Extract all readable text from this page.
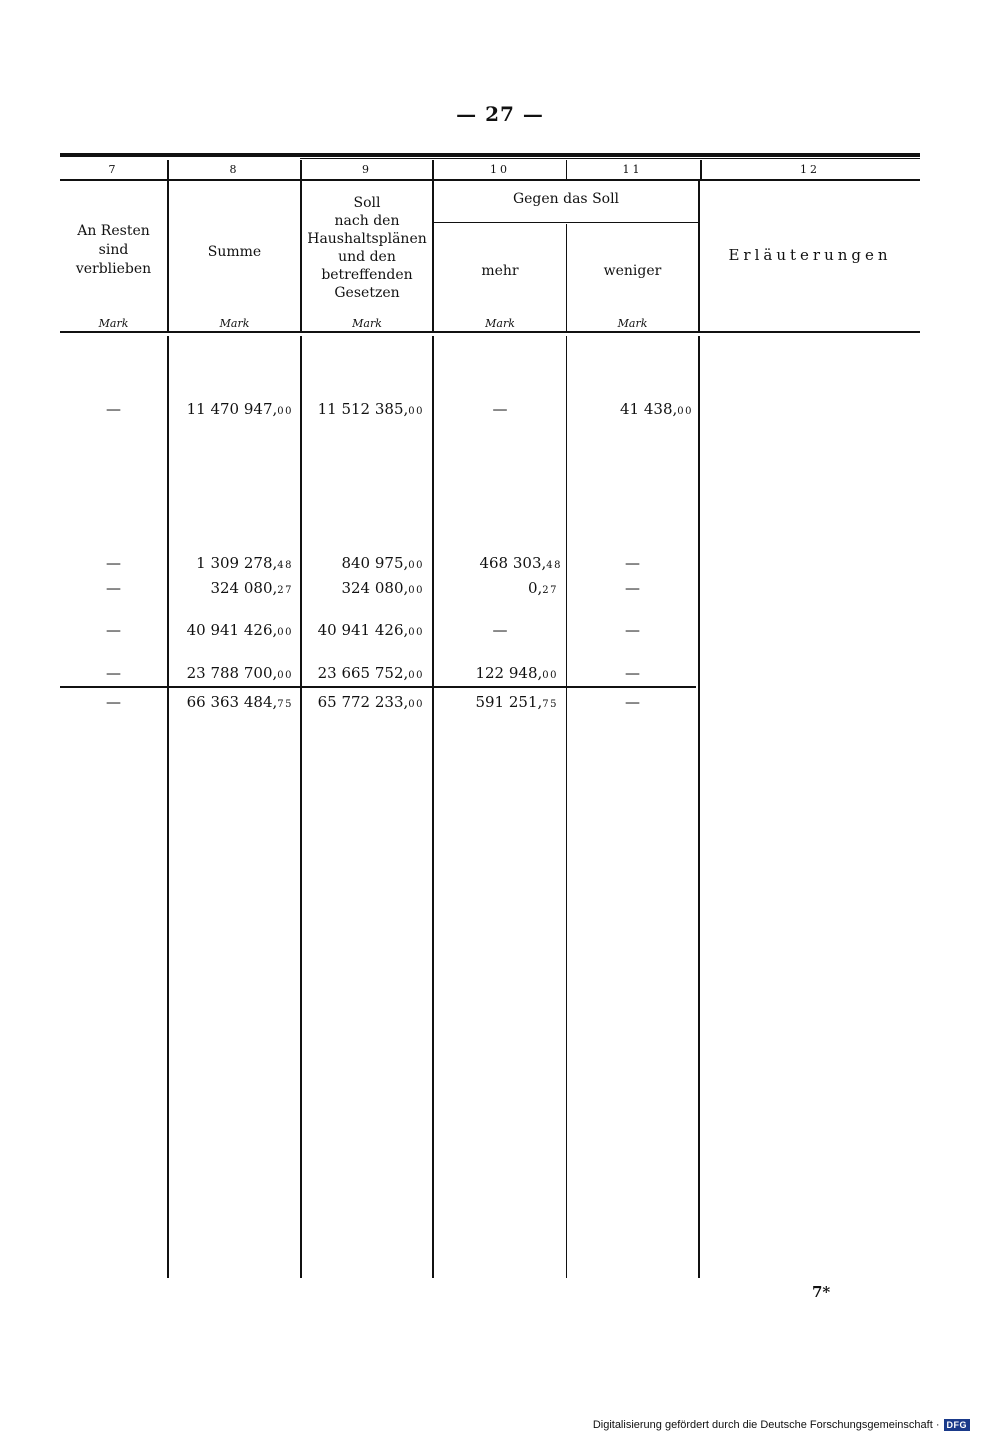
— 27 —
7	8	9	10	11	12
An Resten
sind
verblieben
Summe
Soll
nach den
Haushaltsplänen
und den
betreffenden
Gesetzen
Gegen das Soll
mehr	weniger
Erläuterungen
Mark	Mark	Mark	Mark	Mark
—	11 470 947,00	11 512 385,00	—	41 438,00
—	1 309 278,48	840 975,00	468 303,48	—
—	324 080,27	324 080,00	0,27	—
—	40 941 426,00	40 941 426,00	—	—
—	23 788 700,00	23 665 752,00	122 948,00	—
—	66 363 484,75	65 772 233,00	591 251,75	—
7*
Digitalisierung gefördert durch die Deutsche Forschungsgemeinschaft · DFG
